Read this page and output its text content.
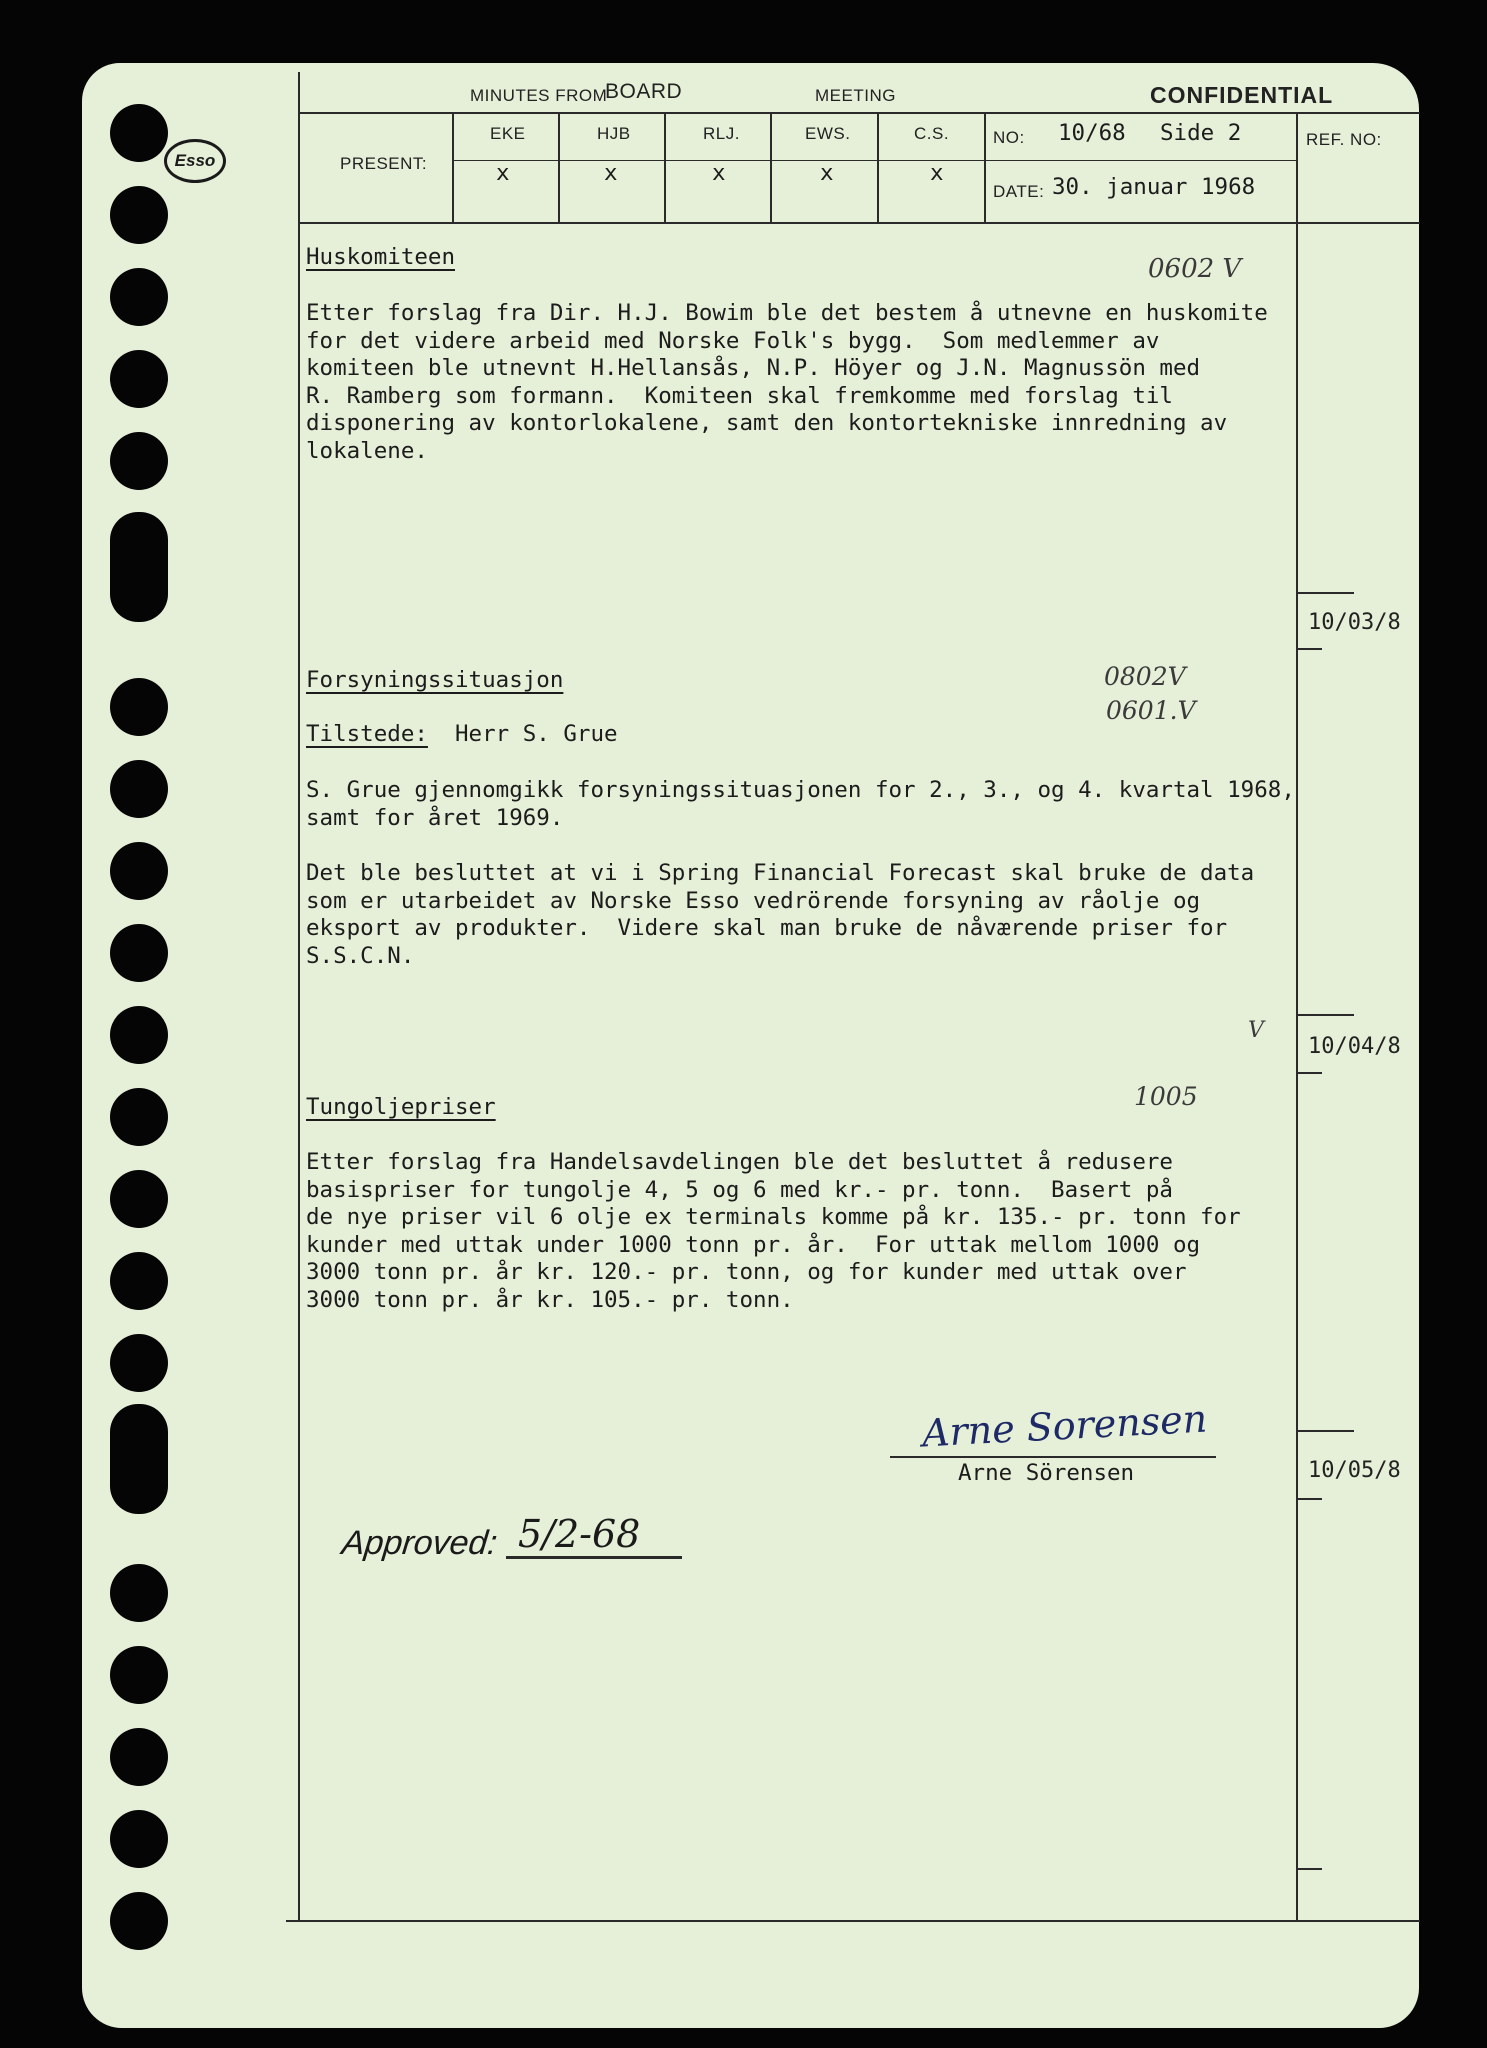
Esso
MINUTES FROM
BOARD	MEETING	CONFIDENTIAL
PRESENT:
EKE	HJB	RLJ.	EWS.	C.S.
x	x	x	x	x
NO: 10/68 Side 2
DATE: 30. januar 1968
REF. NO:
Huskomiteen	0602 V
Etter forslag fra Dir. H.J. Bowim ble det bestem å utnevne en huskomite
for det videre arbeid med Norske Folk's bygg.  Som medlemmer av
komiteen ble utnevnt H.Hellansås, N.P. Höyer og J.N. Magnussön med
R. Ramberg som formann.  Komiteen skal fremkomme med forslag til
disponering av kontorlokalene, samt den kontortekniske innredning av
lokalene.
10/03/8
Forsyningssituasjon	0802V
0601.V
Tilstede: Herr S. Grue
S. Grue gjennomgikk forsyningssituasjonen for 2., 3., og 4. kvartal 1968,
samt for året 1969.
Det ble besluttet at vi i Spring Financial Forecast skal bruke de data
som er utarbeidet av Norske Esso vedrörende forsyning av råolje og
eksport av produkter.  Videre skal man bruke de nåværende priser for
S.S.C.N.
10/04/8
V
Tungoljepriser	1005
Etter forslag fra Handelsavdelingen ble det besluttet å redusere
basispriser for tungolje 4, 5 og 6 med kr.- pr. tonn.  Basert på
de nye priser vil 6 olje ex terminals komme på kr. 135.- pr. tonn for
kunder med uttak under 1000 tonn pr. år.  For uttak mellom 1000 og
3000 tonn pr. år kr. 120.- pr. tonn, og for kunder med uttak over
3000 tonn pr. år kr. 105.- pr. tonn.
10/05/8
Arne Sorensen
Arne Sörensen
Approved: 5/2-68
